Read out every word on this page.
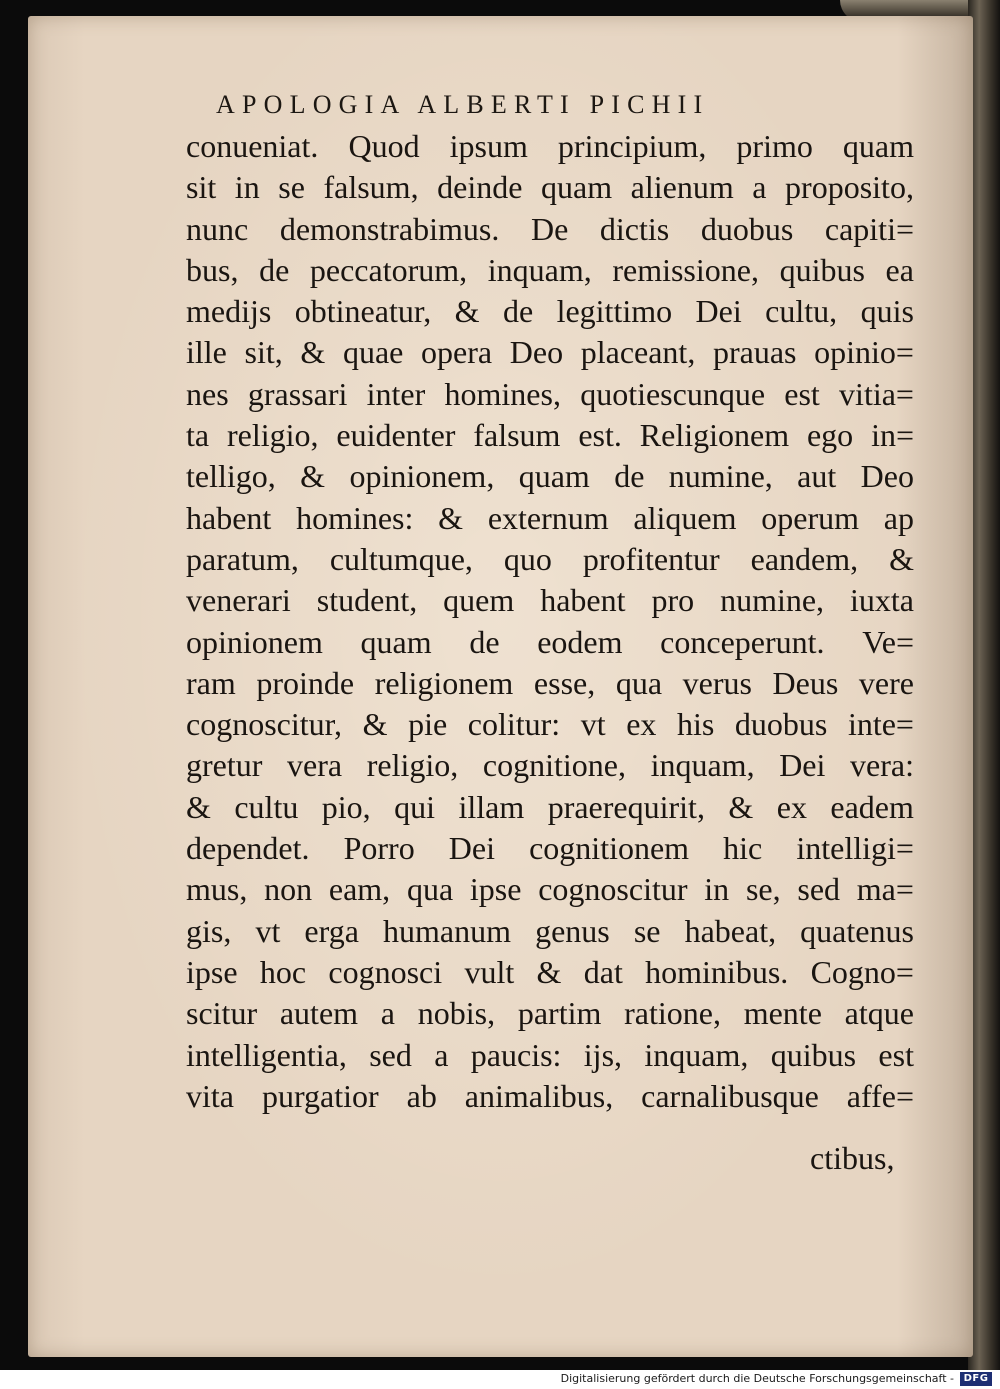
APOLOGIA ALBERTI PICHII
conueniat. Quod ipsum principium, primo quam
sit in se falsum, deinde quam alienum a proposito,
nunc demonstrabimus. De dictis duobus capiti=
bus, de peccatorum, inquam, remissione, quibus ea
medijs obtineatur, & de legittimo Dei cultu, quis
ille sit, & quae opera Deo placeant, prauas opinio=
nes grassari inter homines, quotiescunque est vitia=
ta religio, euidenter falsum est. Religionem ego in=
telligo, & opinionem, quam de numine, aut Deo
habent homines: & externum aliquem operum ap
paratum, cultumque, quo profitentur eandem, &
venerari student, quem habent pro numine, iuxta
opinionem quam de eodem conceperunt. Ve=
ram proinde religionem esse, qua verus Deus vere
cognoscitur, & pie colitur: vt ex his duobus inte=
gretur vera religio, cognitione, inquam, Dei vera:
& cultu pio, qui illam praerequirit, & ex eadem
dependet. Porro Dei cognitionem hic intelligi=
mus, non eam, qua ipse cognoscitur in se, sed ma=
gis, vt erga humanum genus se habeat, quatenus
ipse hoc cognosci vult & dat hominibus. Cogno=
scitur autem a nobis, partim ratione, mente atque
intelligentia, sed a paucis: ijs, inquam, quibus est
vita purgatior ab animalibus, carnalibusque affe=
ctibus,
Digitalisierung gefördert durch die Deutsche Forschungsgemeinschaft - DFG
